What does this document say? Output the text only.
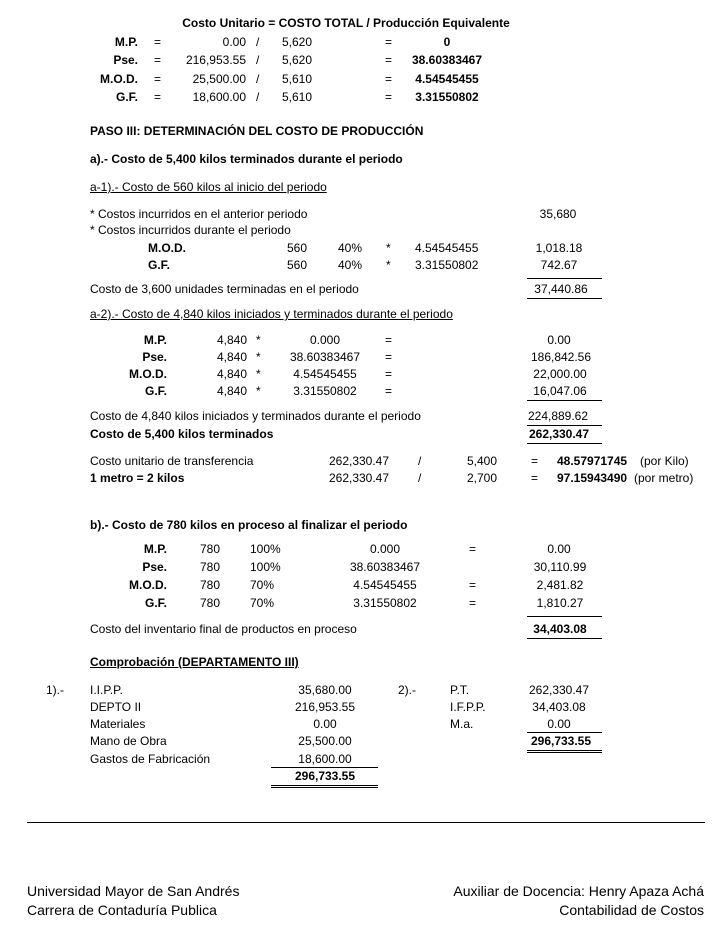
Costo Unitario = COSTO TOTAL / Producción Equivalente
M.P. =	0.00 / 5,620	=	0
Pse. = 216,953.55 / 5,620	= 38.60383467
M.O.D. =	25,500.00 / 5,610	= 4.54545455
G.F. =	18,600.00 / 5,610	= 3.31550802
PASO III: DETERMINACIÓN DEL COSTO DE PRODUCCIÓN
a).- Costo de 5,400 kilos terminados durante el periodo
a-1).- Costo de 560 kilos al inicio del periodo
* Costos incurridos en el anterior periodo	35,680
* Costos incurridos durante el periodo
M.O.D.	560	40% * 4.54545455	1,018.18
G.F.	560	40% * 3.31550802	742.67
Costo de 3,600 unidades terminadas en el periodo	37,440.86
a-2).- Costo de 4,840 kilos iniciados y terminados durante el periodo
M.P.	4,840 *	0.000	=	0.00
Pse.	4,840 * 38.60383467 =	186,842.56
M.O.D.	4,840 *	4.54545455 =	22,000.00
G.F.	4,840 *	3.31550802 =	16,047.06
Costo de 4,840 kilos iniciados y terminados durante el periodo	224,889.62
Costo de 5,400 kilos terminados	262,330.47
Costo unitario de transferencia	262,330.47 /	5,400	= 48.57971745 (por Kilo)
1 metro = 2 kilos	262,330.47 /	2,700	= 97.15943490 (por metro)
b).- Costo de 780 kilos en proceso al finalizar el periodo
M.P.	780 100%	0.000	=	0.00
Pse.	780 100%	38.60383467	30,110.99
M.O.D.	780 70%	4.54545455	=	2,481.82
G.F.	780 70%	3.31550802	=	1,810.27
Costo del inventario final de productos en proceso	34,403.08
Comprobación (DEPARTAMENTO III)
1).- I.I.P.P.	35,680.00
DEPTO II	216,953.55
Materiales	0.00
Mano de Obra	25,500.00
Gastos de Fabricación	18,600.00
296,733.55
2).-	P.T.	262,330.47
I.F.P.P.	34,403.08
M.a.	0.00
296,733.55
Universidad Mayor de San Andrés
Carrera de Contaduría Publica
Auxiliar de Docencia: Henry Apaza Achá
Contabilidad de Costos
